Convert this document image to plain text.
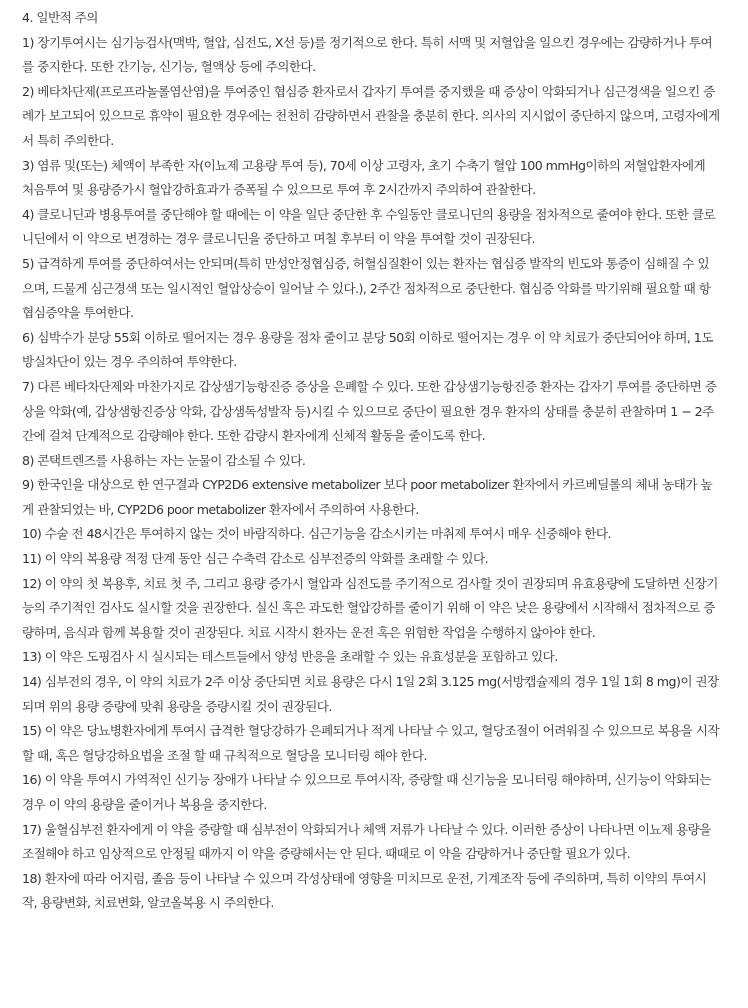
4. 일반적 주의
1) 장기투여시는 심기능검사(맥박, 혈압, 심전도, X선 등)를 정기적으로 한다. 특히 서맥 및 저혈압을 일으킨 경우에는 감량하거나 투여를 중지한다. 또한 간기능, 신기능, 혈액상 등에 주의한다.
2) 베타차단제(프로프라놀롤염산염)을 투여중인 협심증 환자로서 갑자기 투여를 중지했을 때 증상이 악화되거나 심근경색을 일으킨 증례가 보고되어 있으므로 휴약이 필요한 경우에는 천천히 감량하면서 관찰을 충분히 한다. 의사의 지시없이 중단하지 않으며, 고령자에게서 특히 주의한다.
3) 염류 및(또는) 체액이 부족한 자(이뇨제 고용량 투여 등), 70세 이상 고령자, 초기 수축기 혈압 100 mmHg이하의 저혈압환자에게 처음투여 및 용량증가시 혈압강하효과가 증폭될 수 있으므로 투여 후 2시간까지 주의하여 관찰한다.
4) 클로니딘과 병용투여를 중단해야 할 때에는 이 약을 일단 중단한 후 수일동안 클로니딘의 용량을 점차적으로 줄여야 한다. 또한 클로니딘에서 이 약으로 변경하는 경우 클로니딘을 중단하고 며칠 후부터 이 약을 투여할 것이 권장된다.
5) 급격하게 투여를 중단하여서는 안되며(특히 만성안정협심증, 허혈심질환이 있는 환자는 협심증 발작의 빈도와 통증이 심해질 수 있으며, 드물게 심근경색 또는 일시적인 혈압상승이 일어날 수 있다.), 2주간 점차적으로 중단한다. 협심증 악화를 막기위해 필요할 때 항협심증약을 투여한다.
6) 심박수가 분당 55회 이하로 떨어지는 경우 용량을 점차 줄이고 분당 50회 이하로 떨어지는 경우 이 약 치료가 중단되어야 하며, 1도 방실차단이 있는 경우 주의하여 투약한다.
7) 다른 베타차단제와 마찬가지로 갑상샘기능항진증 증상을 은폐할 수 있다. 또한 갑상샘기능항진증 환자는 갑자기 투여를 중단하면 증상을 악화(예, 갑상샘항진증상 악화, 갑상샘독성발작 등)시킬 수 있으므로 중단이 필요한 경우 환자의 상태를 충분히 관찰하며 1 − 2주간에 걸쳐 단계적으로 감량해야 한다. 또한 감량시 환자에게 신체적 활동을 줄이도록 한다.
8) 콘택트렌즈를 사용하는 자는 눈물이 감소될 수 있다.
9) 한국인을 대상으로 한 연구결과 CYP2D6 extensive metabolizer 보다 poor metabolizer 환자에서 카르베딜롤의 체내 농태가 높게 관찰되었는 바, CYP2D6 poor metabolizer 환자에서 주의하여 사용한다.
10) 수술 전 48시간은 투여하지 않는 것이 바람직하다. 심근기능을 감소시키는 마취제 투여시 매우 신중해야 한다.
11) 이 약의 복용량 적정 단계 동안 심근 수축력 감소로 심부전증의 악화를 초래할 수 있다.
12) 이 약의 첫 복용후, 치료 첫 주, 그리고 용량 증가시 혈압과 심전도를 주기적으로 검사할 것이 권장되며 유효용량에 도달하면 신장기능의 주기적인 검사도 실시할 것을 권장한다. 실신 혹은 과도한 혈압강하를 줄이기 위해 이 약은 낮은 용량에서 시작해서 점차적으로 증량하며, 음식과 함께 복용할 것이 권장된다. 치료 시작시 환자는 운전 혹은 위험한 작업을 수행하지 않아야 한다.
13) 이 약은 도핑검사 시 실시되는 테스트들에서 양성 반응을 초래할 수 있는 유효성분을 포함하고 있다.
14) 심부전의 경우, 이 약의 치료가 2주 이상 중단되면 치료 용량은 다시 1일 2회 3.125 mg(서방캡슐제의 경우 1일 1회 8 mg)이 권장되며 위의 용량 증량에 맞춰 용량을 증량시킬 것이 권장된다.
15) 이 약은 당뇨병환자에게 투여시 급격한 혈당강하가 은폐되거나 적게 나타날 수 있고, 혈당조절이 어려워질 수 있으므로 복용을 시작할 때, 혹은 혈당강하요법을 조절 할 때 규칙적으로 혈당을 모니터링 해야 한다.
16) 이 약을 투여시 가역적인 신기능 장애가 나타날 수 있으므로 투여시작, 증량할 때 신기능을 모니터링 해야하며, 신기능이 악화되는 경우 이 약의 용량을 줄이거나 복용을 중지한다.
17) 울혈심부전 환자에게 이 약을 증량할 때 심부전이 악화되거나 체액 저류가 나타날 수 있다. 이러한 증상이 나타나면 이뇨제 용량을 조절해야 하고 임상적으로 안정될 때까지 이 약을 증량해서는 안 된다. 때때로 이 약을 감량하거나 중단할 필요가 있다.
18) 환자에 따라 어지럼, 졸음 등이 나타날 수 있으며 각성상태에 영향을 미치므로 운전, 기계조작 등에 주의하며, 특히 이약의 투여시작, 용량변화, 치료변화, 알코올복용 시 주의한다.
